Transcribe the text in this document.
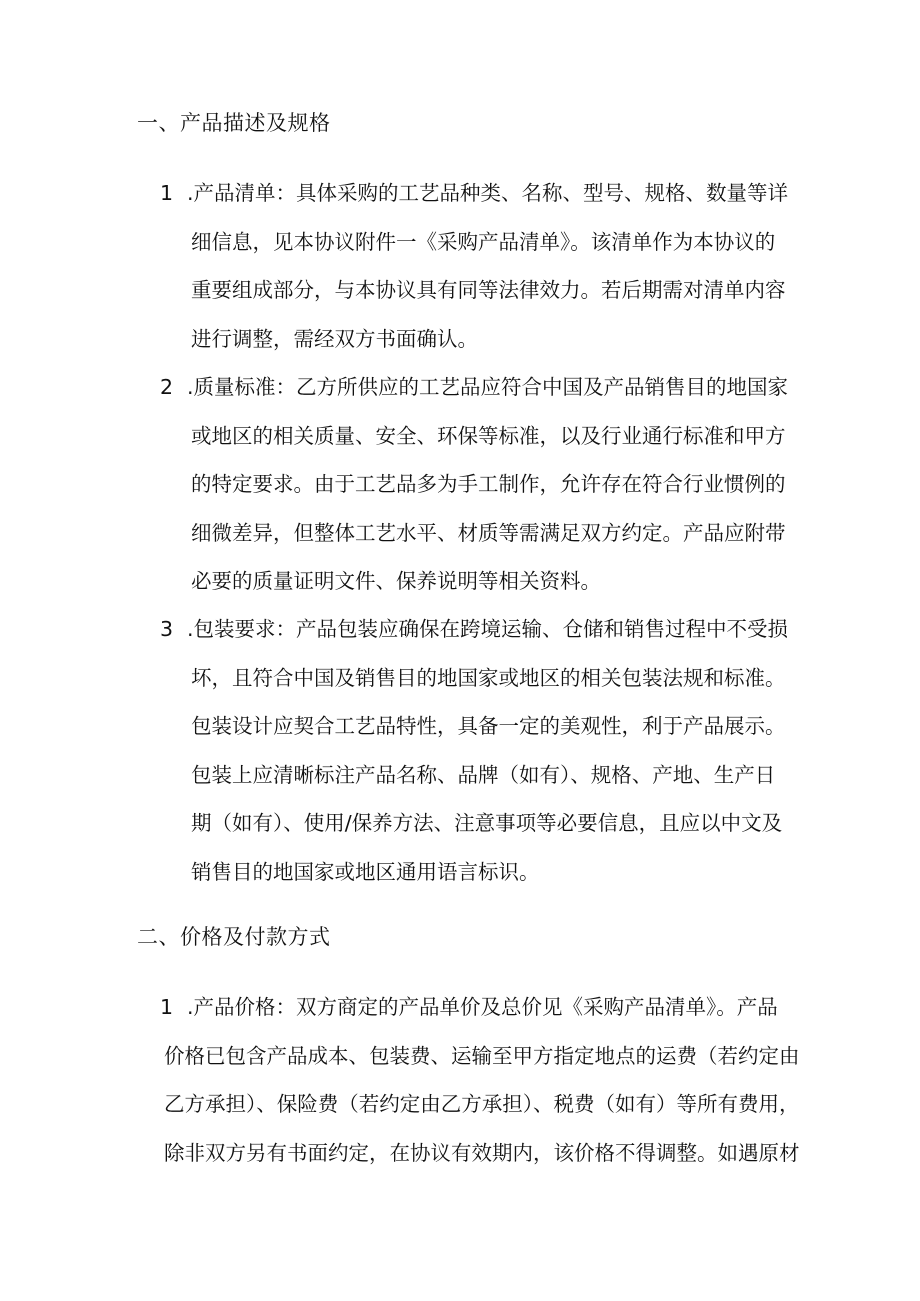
一、产品描述及规格
1 .产品清单：具体采购的工艺品种类、名称、型号、规格、数量等详
细信息，见本协议附件一《采购产品清单》。该清单作为本协议的
重要组成部分，与本协议具有同等法律效力。若后期需对清单内容
进行调整，需经双方书面确认。
2 .质量标准：乙方所供应的工艺品应符合中国及产品销售目的地国家
或地区的相关质量、安全、环保等标准，以及行业通行标准和甲方
的特定要求。由于工艺品多为手工制作，允许存在符合行业惯例的
细微差异，但整体工艺水平、材质等需满足双方约定。产品应附带
必要的质量证明文件、保养说明等相关资料。
3 .包装要求：产品包装应确保在跨境运输、仓储和销售过程中不受损
坏，且符合中国及销售目的地国家或地区的相关包装法规和标准。
包装设计应契合工艺品特性，具备一定的美观性，利于产品展示。
包装上应清晰标注产品名称、品牌（如有）、规格、产地、生产日
期（如有）、使用/保养方法、注意事项等必要信息，且应以中文及
销售目的地国家或地区通用语言标识。
二、价格及付款方式
1 .产品价格：双方商定的产品单价及总价见《采购产品清单》。产品
价格已包含产品成本、包装费、运输至甲方指定地点的运费（若约定由
乙方承担）、保险费（若约定由乙方承担）、税费（如有）等所有费用，
除非双方另有书面约定，在协议有效期内，该价格不得调整。如遇原材
